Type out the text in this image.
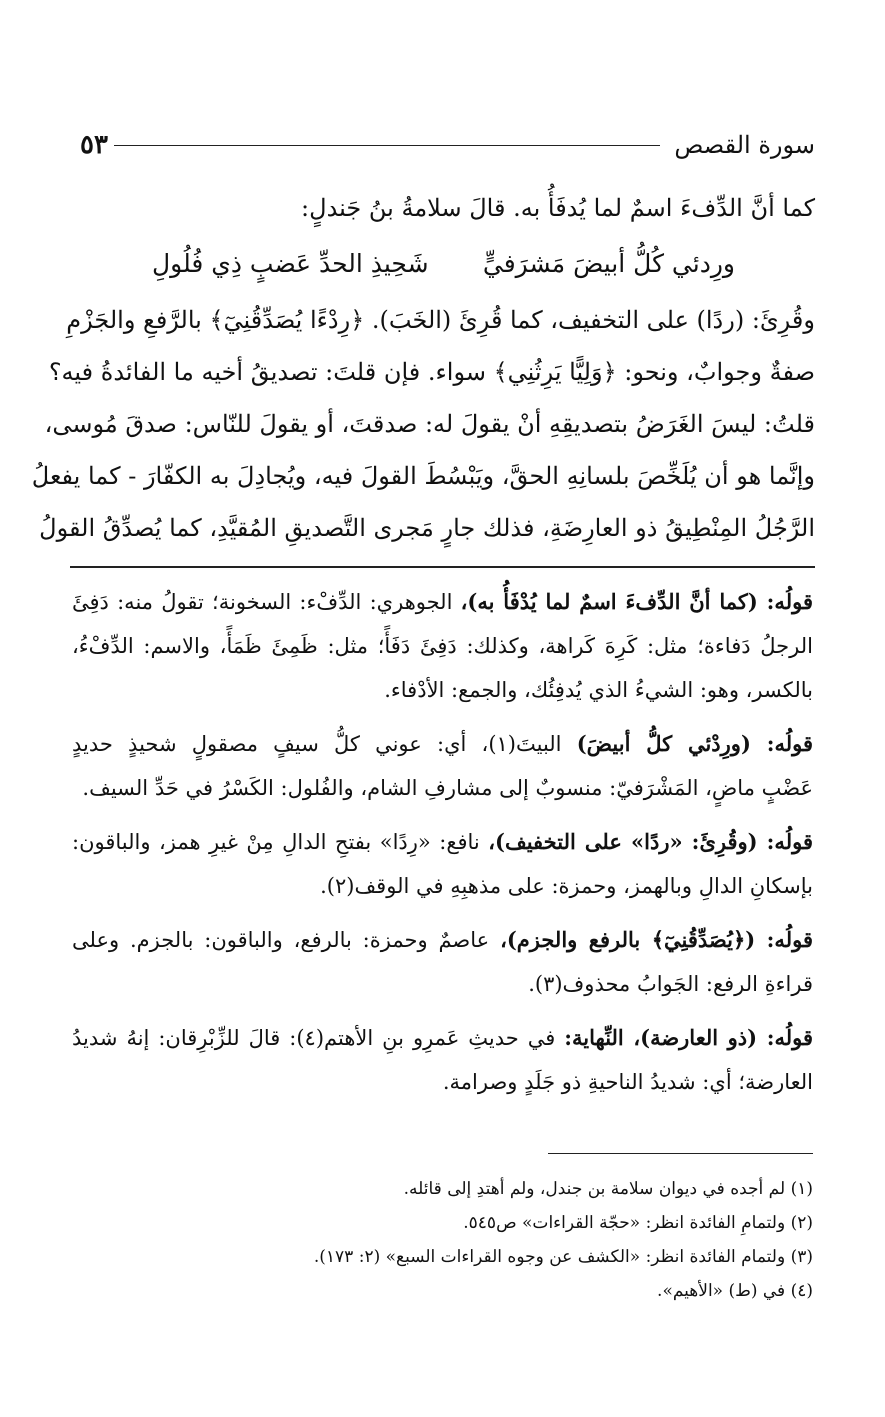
سورة القصص
٥٣
كما أنَّ الدِّفءَ اسمٌ لما يُدفَأُ به. قالَ سلامةُ بنُ جَندلٍ:
ورِدئي كُلُّ أبيضَ مَشرَفيٍّ
شَحِيذِ الحدِّ عَضبٍ ذِي فُلُولِ
وقُرِئَ: (ردًا) على التخفيف، كما قُرِئَ (الخَبَ). ﴿رِدْءًا يُصَدِّقُنِيٓ﴾ بالرَّفعِ والجَزْمِ
صفةٌ وجوابٌ، ونحو: ﴿وَلِيًّا يَرِثُنِي﴾ سواء. فإن قلتَ: تصديقُ أخيه ما الفائدةُ فيه؟
قلتُ: ليسَ الغَرَضُ بتصديقِهِ أنْ يقولَ له: صدقتَ، أو يقولَ للنّاس: صدقَ مُوسى،
وإنَّما هو أن يُلَخِّصَ بلسانِهِ الحقَّ، ويَبْسُطَ القولَ فيه، ويُجادِلَ به الكفّارَ - كما يفعلُ
الرَّجُلُ المِنْطِيقُ ذو العارِضَةِ، فذلك جارٍ مَجرى التَّصديقِ المُقيَّدِ، كما يُصدِّقُ القولُ

قولُه: (كما أنَّ الدِّفءَ اسمٌ لما يُدْفَأُ به)، الجوهري: الدِّفْء: السخونة؛ تقولُ منه: دَفِئَ
الرجلُ دَفاءة؛ مثل: كَرِهَ كَراهة، وكذلك: دَفِئَ دَفَأً؛ مثل: ظَمِئَ ظَمَأً، والاسم: الدِّفْءُ،
بالكسر، وهو: الشيءُ الذي يُدفِئُك، والجمع: الأدْفاء.

قولُه: (ورِدْئي كلُّ أبيضَ) البيتَ(١)، أي: عوني كلُّ سيفٍ مصقولٍ شحيذٍ حديدٍ
عَضْبٍ ماضٍ، المَشْرَفيّ: منسوبٌ إلى مشارفِ الشام، والفُلول: الكَسْرُ في حَدِّ السيف.

قولُه: (وقُرِئَ: «ردًا» على التخفيف)، نافع: «رِدًا» بفتحِ الدالِ مِنْ غيرِ همز، والباقون:
بإسكانِ الدالِ وبالهمز، وحمزة: على مذهبِهِ في الوقف(٢).

قولُه: (﴿يُصَدِّقُنِيٓ﴾ بالرفع والجزم)، عاصمٌ وحمزة: بالرفع، والباقون: بالجزم. وعلى
قراءةِ الرفع: الجَوابُ محذوف(٣).

قولُه: (ذو العارضة)، النِّهاية: في حديثِ عَمرِو بنِ الأهتم(٤): قالَ للزِّبْرِقان: إنهُ شديدُ
العارضة؛ أي: شديدُ الناحيةِ ذو جَلَدٍ وصرامة.

(١) لم أجده في ديوان سلامة بن جندل، ولم أهتدِ إلى قائله.
(٢) ولتمامِ الفائدة انظر: «حجّة القراءات» ص٥٤٥.
(٣) ولتمام الفائدة انظر: «الكشف عن وجوه القراءات السبع» (٢: ١٧٣).
(٤) في (ط) «الأهيم».
